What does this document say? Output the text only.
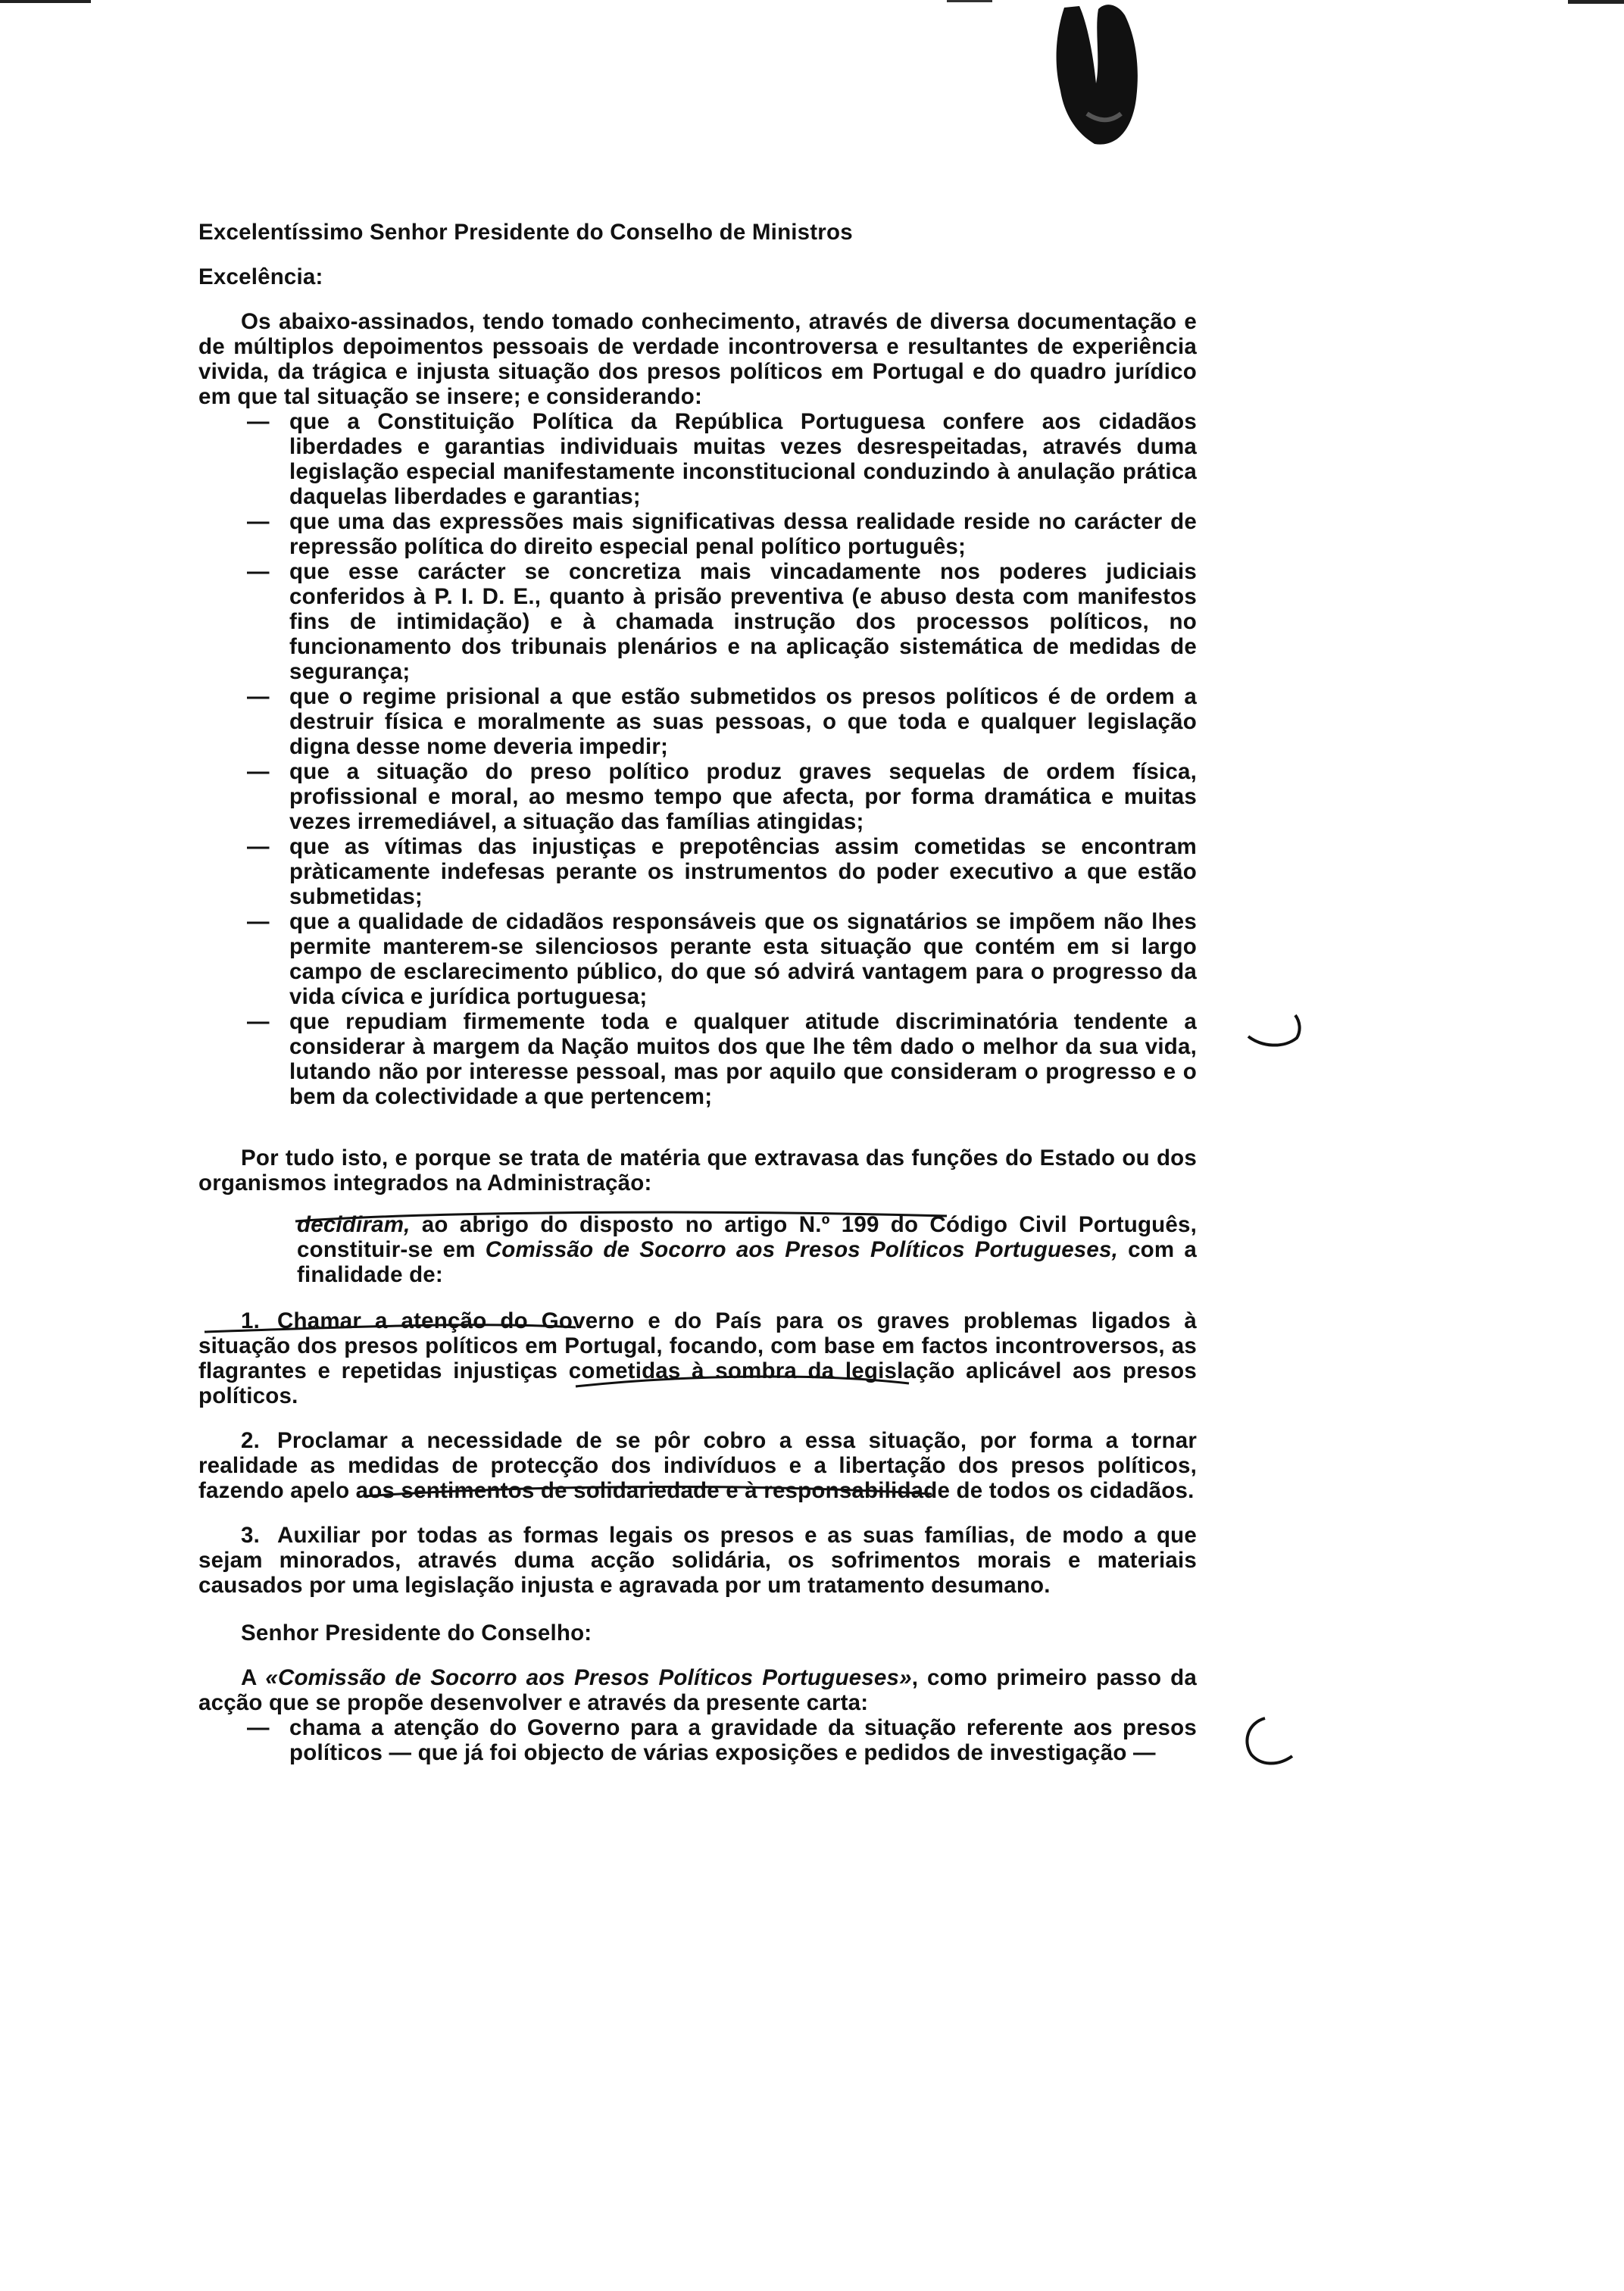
Excelentíssimo Senhor Presidente do Conselho de Ministros

Excelência:

Os abaixo-assinados, tendo tomado conhecimento, através de diversa documentação e de múltiplos depoimentos pessoais de verdade incontroversa e resultantes de experiência vivida, da trágica e injusta situação dos presos políticos em Portugal e do quadro jurídico em que tal situação se insere; e considerando:

— que a Constituição Política da República Portuguesa confere aos cidadãos liberdades e garantias individuais muitas vezes desrespeitadas, através duma legislação especial manifestamente inconstitucional conduzindo à anulação prática daquelas liberdades e garantias;

— que uma das expressões mais significativas dessa realidade reside no carácter de repressão política do direito especial penal político português;

— que esse carácter se concretiza mais vincadamente nos poderes judiciais conferidos à P. I. D. E., quanto à prisão preventiva (e abuso desta com manifestos fins de intimidação) e à chamada instrução dos processos políticos, no funcionamento dos tribunais plenários e na aplicação sistemática de medidas de segurança;

— que o regime prisional a que estão submetidos os presos políticos é de ordem a destruir física e moralmente as suas pessoas, o que toda e qualquer legislação digna desse nome deveria impedir;

— que a situação do preso político produz graves sequelas de ordem física, profissional e moral, ao mesmo tempo que afecta, por forma dramática e muitas vezes irremediável, a situação das famílias atingidas;

— que as vítimas das injustiças e prepotências assim cometidas se encontram pràticamente indefesas perante os instrumentos do poder executivo a que estão submetidas;

— que a qualidade de cidadãos responsáveis que os signatários se impõem não lhes permite manterem-se silenciosos perante esta situação que contém em si largo campo de esclarecimento público, do que só advirá vantagem para o progresso da vida cívica e jurídica portuguesa;

— que repudiam firmemente toda e qualquer atitude discriminatória tendente a considerar à margem da Nação muitos dos que lhe têm dado o melhor da sua vida, lutando não por interesse pessoal, mas por aquilo que consideram o progresso e o bem da colectividade a que pertencem;

Por tudo isto, e porque se trata de matéria que extravasa das funções do Estado ou dos organismos integrados na Administração:

decidiram, ao abrigo do disposto no artigo N.º 199 do Código Civil Português, constituir-se em Comissão de Socorro aos Presos Políticos Portugueses, com a finalidade de:

1. Chamar a atenção do Governo e do País para os graves problemas ligados à situação dos presos políticos em Portugal, focando, com base em factos incontroversos, as flagrantes e repetidas injustiças cometidas à sombra da legislação aplicável aos presos políticos.

2. Proclamar a necessidade de se pôr cobro a essa situação, por forma a tornar realidade as medidas de protecção dos indivíduos e a libertação dos presos políticos, fazendo apelo aos sentimentos de solidariedade e à responsabilidade de todos os cidadãos.

3. Auxiliar por todas as formas legais os presos e as suas famílias, de modo a que sejam minorados, através duma acção solidária, os sofrimentos morais e materiais causados por uma legislação injusta e agravada por um tratamento desumano.

Senhor Presidente do Conselho:

A «Comissão de Socorro aos Presos Políticos Portugueses», como primeiro passo da acção que se propõe desenvolver e através da presente carta:

— chama a atenção do Governo para a gravidade da situação referente aos presos políticos — que já foi objecto de várias exposições e pedidos de investigação —
